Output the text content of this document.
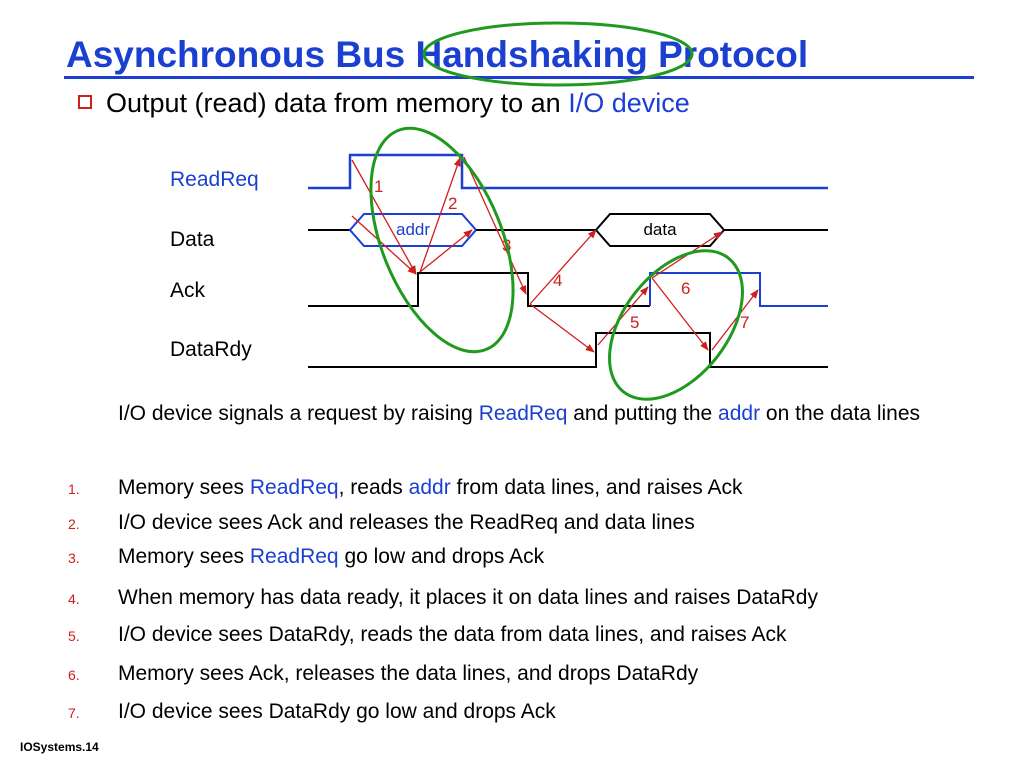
Asynchronous Bus Handshaking Protocol
Output (read) data from memory to an I/O device
ReadReq
Data
Ack
DataRdy
addr	data
1
2
3
4
5
6
7
I/O device signals a request by raising ReadReq and putting the addr on the data lines
1. Memory sees ReadReq, reads addr from data lines, and raises Ack
2. I/O device sees Ack and releases the ReadReq and data lines
3. Memory sees ReadReq go low and drops Ack
4. When memory has data ready, it places it on data lines and raises DataRdy
5. I/O device sees DataRdy, reads the data from data lines, and raises Ack
6. Memory sees Ack, releases the data lines, and drops DataRdy
7. I/O device sees DataRdy go low and drops Ack
IOSystems.14
